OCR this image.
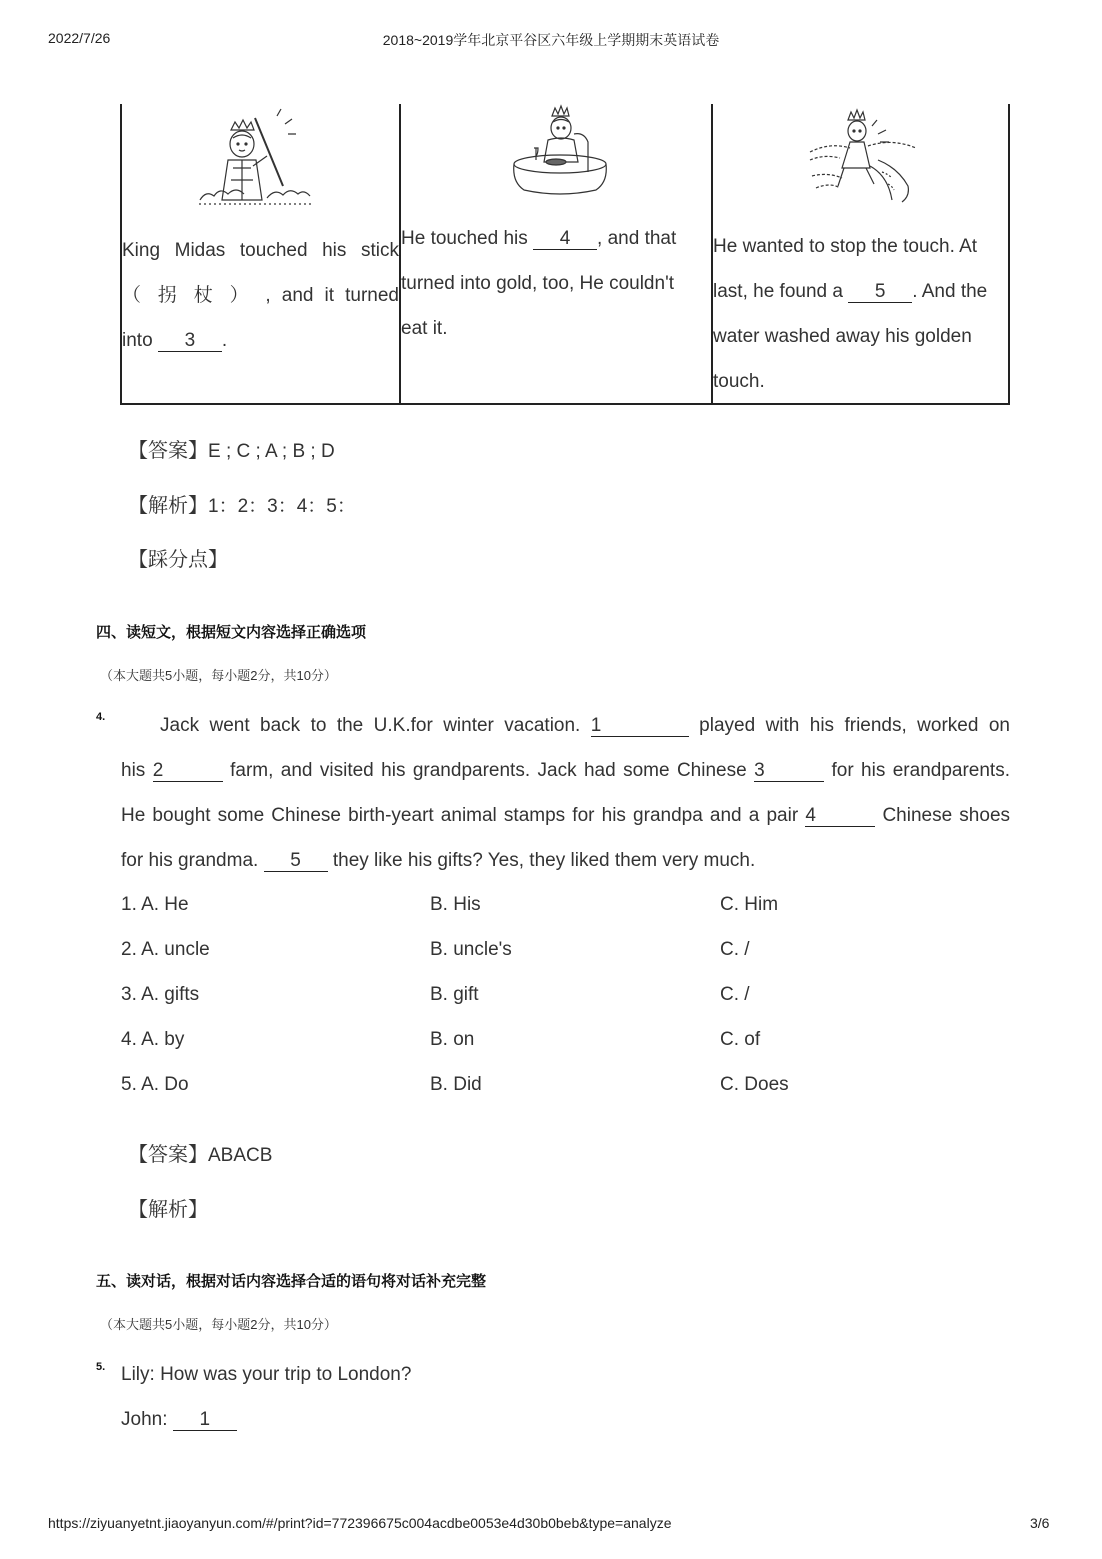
2022/7/26	2018~2019学年北京平谷区六年级上学期期末英语试卷
King Midas touched his stick
（ 拐 杖 ） , and it turned
into 3 .
He touched his 4 , and that
turned into gold, too, He couldn't
eat it.
He wanted to stop the touch. At
last, he found a 5 . And the
water washed away his golden
touch.
【答案】E ; C ; A ; B ; D
【解析】1：2：3：4：5：
【踩分点】
四、读短文，根据短文内容选择正确选项
（本大题共5小题，每小题2分，共10分）
4.	Jack went back to the U.K.for winter vacation. 1	played with his friends, worked on
his 2	farm, and visited his grandparents. Jack had some Chinese 3	for his erandparents.
He bought some Chinese birth-yeart animal stamps for his grandpa and a pair 4	Chinese shoes
for his grandma. 5 they like his gifts? Yes, they liked them very much.
1. A. He	B. His	C. Him
2. A. uncle	B. uncle's	C. /
3. A. gifts	B. gift	C. /
4. A. by	B. on	C. of
5. A. Do	B. Did	C. Does
【答案】ABACB
【解析】
五、读对话，根据对话内容选择合适的语句将对话补充完整
（本大题共5小题，每小题2分，共10分）
5. Lily: How was your trip to London?
John: 1
https://ziyuanyetnt.jiaoyanyun.com/#/print?id=772396675c004acdbe0053e4d30b0beb&type=analyze	3/6
